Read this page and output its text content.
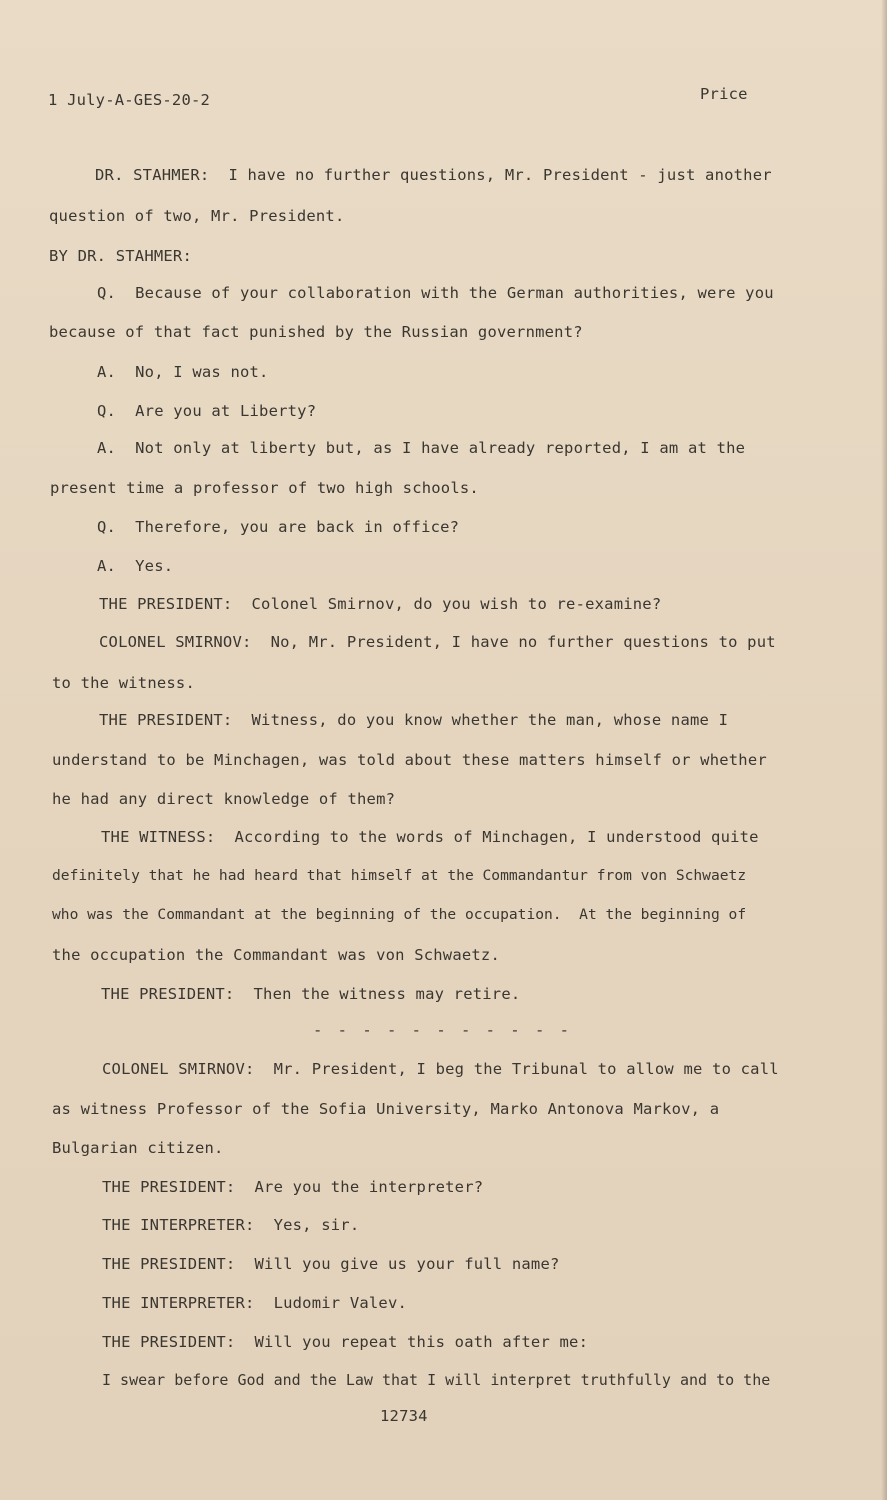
1 July-A-GES-20-2	Price
DR. STAHMER:  I have no further questions, Mr. President - just another
question of two, Mr. President.
BY DR. STAHMER:
Q.  Because of your collaboration with the German authorities, were you
because of that fact punished by the Russian government?
A.  No, I was not.
Q.  Are you at Liberty?
A.  Not only at liberty but, as I have already reported, I am at the
present time a professor of two high schools.
Q.  Therefore, you are back in office?
A.  Yes.
THE PRESIDENT:  Colonel Smirnov, do you wish to re-examine?
COLONEL SMIRNOV:  No, Mr. President, I have no further questions to put
to the witness.
THE PRESIDENT:  Witness, do you know whether the man, whose name I
understand to be Minchagen, was told about these matters himself or whether
he had any direct knowledge of them?
THE WITNESS:  According to the words of Minchagen, I understood quite
definitely that he had heard that himself at the Commandantur from von Schwaetz
who was the Commandant at the beginning of the occupation.  At the beginning of
the occupation the Commandant was von Schwaetz.
THE PRESIDENT:  Then the witness may retire.
- - - - - - - - - - -
COLONEL SMIRNOV:  Mr. President, I beg the Tribunal to allow me to call
as witness Professor of the Sofia University, Marko Antonova Markov, a
Bulgarian citizen.
THE PRESIDENT:  Are you the interpreter?
THE INTERPRETER:  Yes, sir.
THE PRESIDENT:  Will you give us your full name?
THE INTERPRETER:  Ludomir Valev.
THE PRESIDENT:  Will you repeat this oath after me:
I swear before God and the Law that I will interpret truthfully and to the
12734
